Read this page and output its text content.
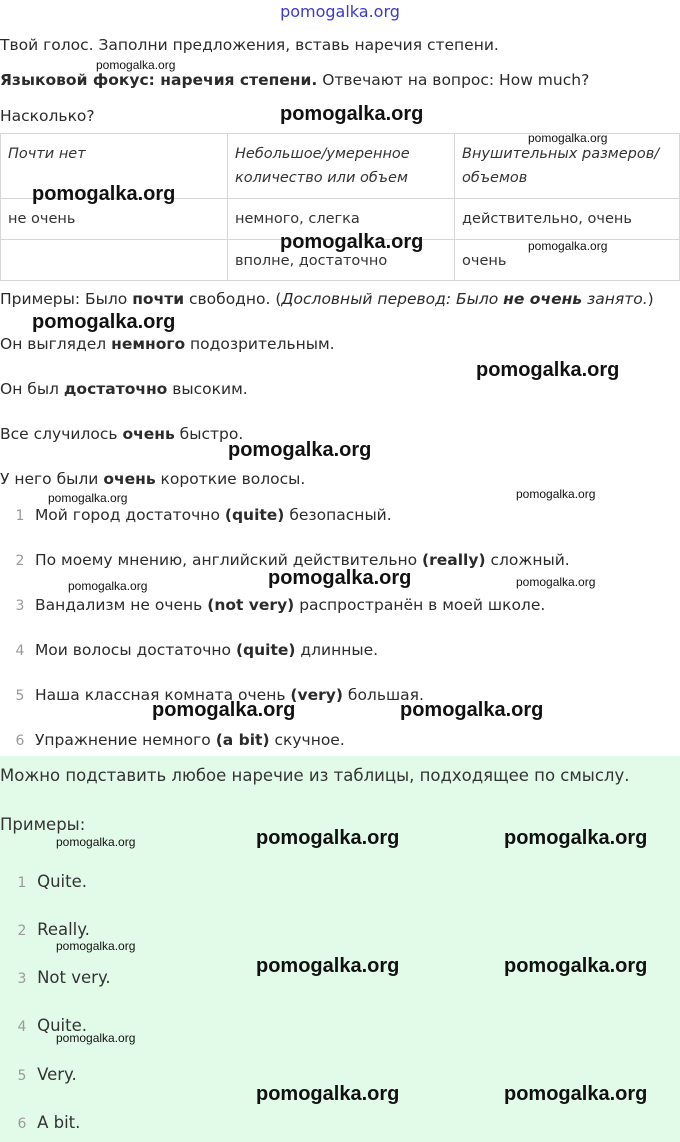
pomogalka.org
Твой голос. Заполни предложения, вставь наречия степени.
Языковой фокус: наречия степени. Отвечают на вопрос: How much?
Насколько?
Почти нет	Небольшое/умеренное количество или объем	Внушительных размеров/ объемов
не очень	немного, слегка	действительно, очень
	вполне, достаточно	очень
Примеры: Было почти свободно. (Дословный перевод: Было не очень занято.)
Он выглядел немного подозрительным.
Он был достаточно высоким.
Все случилось очень быстро.
У него были очень короткие волосы.
1 Мой город достаточно (quite) безопасный.
2 По моему мнению, английский действительно (really) сложный.
3 Вандализм не очень (not very) распространён в моей школе.
4 Мои волосы достаточно (quite) длинные.
5 Наша классная комната очень (very) большая.
6 Упражнение немного (a bit) скучное.
Можно подставить любое наречие из таблицы, подходящее по смыслу.
Примеры:
1 Quite.
2 Really.
3 Not very.
4 Quite.
5 Very.
6 A bit.
pomogalka.org
pomogalka.org
pomogalka.org
pomogalka.org
pomogalka.org	pomogalka.org
pomogalka.org
pomogalka.org
pomogalka.org
pomogalka.org	pomogalka.org
pomogalka.org	pomogalka.org	pomogalka.org
pomogalka.org	pomogalka.org
pomogalka.org	pomogalka.org	pomogalka.org
pomogalka.org
pomogalka.org	pomogalka.org
pomogalka.org
pomogalka.org	pomogalka.org
